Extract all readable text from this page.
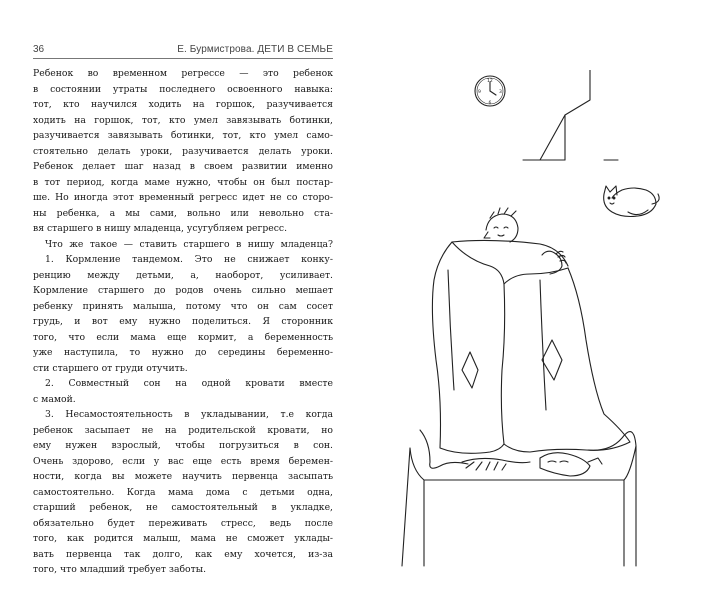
36	Е. Бурмистрова. ДЕТИ В СЕМЬЕ
Ребенок во временном регрессе — это ребенок
в состоянии утраты последнего освоенного навыка:
тот, кто научился ходить на горшок, разучивается
ходить на горшок, тот, кто умел завязывать ботинки,
разучивается завязывать ботинки, тот, кто умел само-
стоятельно делать уроки, разучивается делать уроки.
Ребенок делает шаг назад в своем развитии именно
в тот период, когда маме нужно, чтобы он был постар-
ше. Но иногда этот временный регресс идет не со сторо-
ны ребенка, а мы сами, вольно или невольно ста-
вя старшего в нишу младенца, усугубляем регресс.
Что же такое — ставить старшего в нишу младенца?
1. Кормление тандемом. Это не снижает конку-
ренцию между детьми, а, наоборот, усиливает.
Кормление старшего до родов очень сильно мешает
ребенку принять малыша, потому что он сам сосет
грудь, и вот ему нужно поделиться. Я сторонник
того, что если мама еще кормит, а беременность
уже наступила, то нужно до середины беременно-
сти старшего от груди отучить.
2. Совместный сон на одной кровати вместе
с мамой.
3. Несамостоятельность в укладывании, т.е когда
ребенок засыпает не на родительской кровати, но
ему нужен взрослый, чтобы погрузиться в сон.
Очень здорово, если у вас еще есть время беремен-
ности, когда вы можете научить первенца засыпать
самостоятельно. Когда мама дома с детьми одна,
старший ребенок, не самостоятельный в укладке,
обязательно будет переживать стресс, ведь после
того, как родится малыш, мама не сможет уклады-
вать первенца так долго, как ему хочется, из-за
того, что младший требует заботы.
12
3
6
9
